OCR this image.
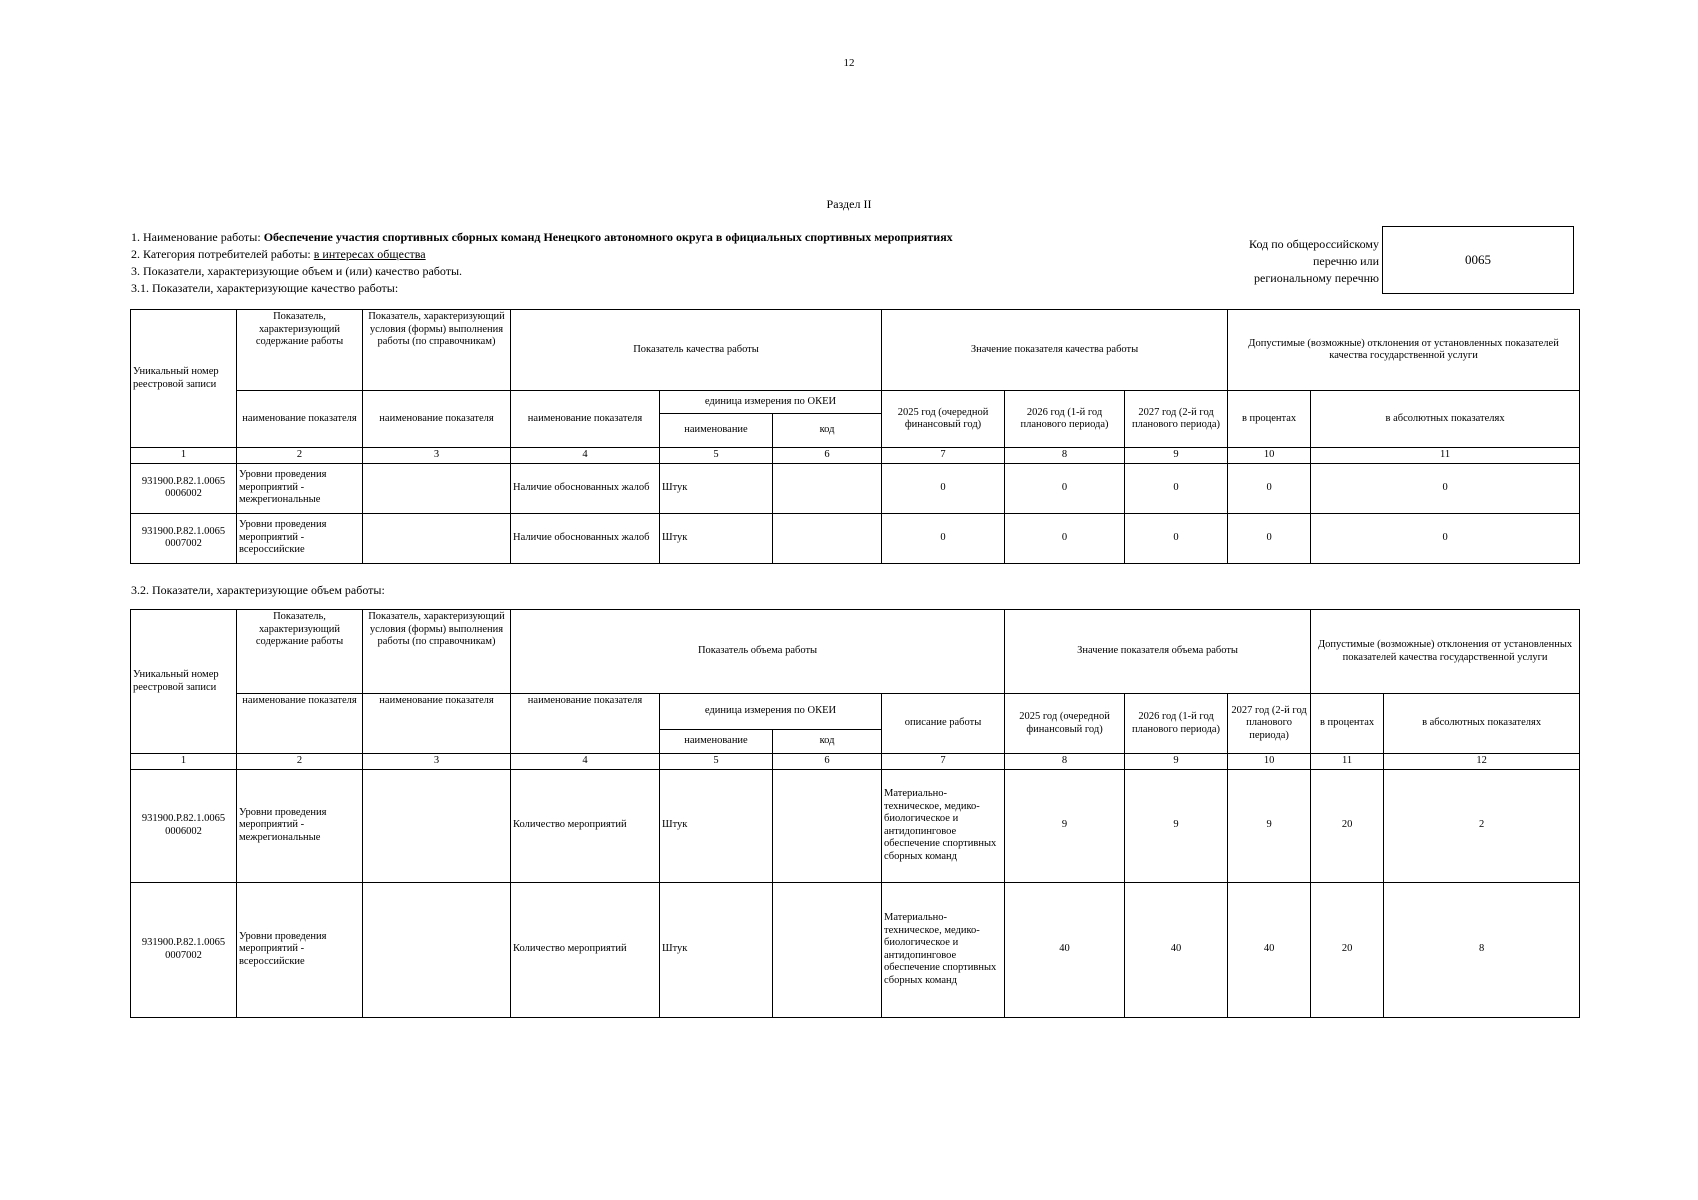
12
Раздел II
1. Наименование работы: Обеспечение участия спортивных сборных команд Ненецкого автономного округа в официальных спортивных мероприятиях
2. Категория потребителей работы: в интересах общества
3. Показатели, характеризующие объем и (или) качество работы.
3.1. Показатели, характеризующие качество работы:
Код по общероссийскому
перечню или
региональному перечню
0065
Уникальный номер реестровой записи	Показатель, характеризующий содержание работы	Показатель, характеризующий условия (формы) выполнения работы (по справочникам)	Показатель качества работы			Значение показателя качества работы			Допустимые (возможные) отклонения от установленных показателей качества государственной услуги	
	наименование показателя	наименование показателя	наименование показателя	единица измерения по ОКЕИ		2025 год (очередной финансовый год)	2026 год (1-й год планового периода)	2027 год (2-й год планового периода)	в процентах	в абсолютных показателях
				наименование	код					
1	2	3	4	5	6	7	8	9	10	11
931900.Р.82.1.0065 0006002	Уровни проведения мероприятий - межрегиональные		Наличие обоснованных жалоб	Штук		0	0	0	0	0
931900.Р.82.1.0065 0007002	Уровни проведения мероприятий - всероссийские		Наличие обоснованных жалоб	Штук		0	0	0	0	0
3.2. Показатели, характеризующие объем работы:
Уникальный номер реестровой записи	Показатель, характеризующий содержание работы	Показатель, характеризующий условия (формы) выполнения работы (по справочникам)	Показатель объема работы				Значение показателя объема работы			Допустимые (возможные) отклонения от установленных показателей качества государственной услуги	
	наименование показателя	наименование показателя	наименование показателя	единица измерения по ОКЕИ		описание работы	2025 год (очередной финансовый год)	2026 год (1-й год планового периода)	2027 год (2-й год планового периода)	в процентах	в абсолютных показателях
				наименование	код						
1	2	3	4	5	6	7	8	9	10	11	12
931900.Р.82.1.0065 0006002	Уровни проведения мероприятий - межрегиональные		Количество мероприятий	Штук		Материально-техническое, медико-биологическое и антидопинговое обеспечение спортивных сборных команд	9	9	9	20	2
931900.Р.82.1.0065 0007002	Уровни проведения мероприятий - всероссийские		Количество мероприятий	Штук		Материально-техническое, медико-биологическое и антидопинговое обеспечение спортивных сборных команд	40	40	40	20	8
